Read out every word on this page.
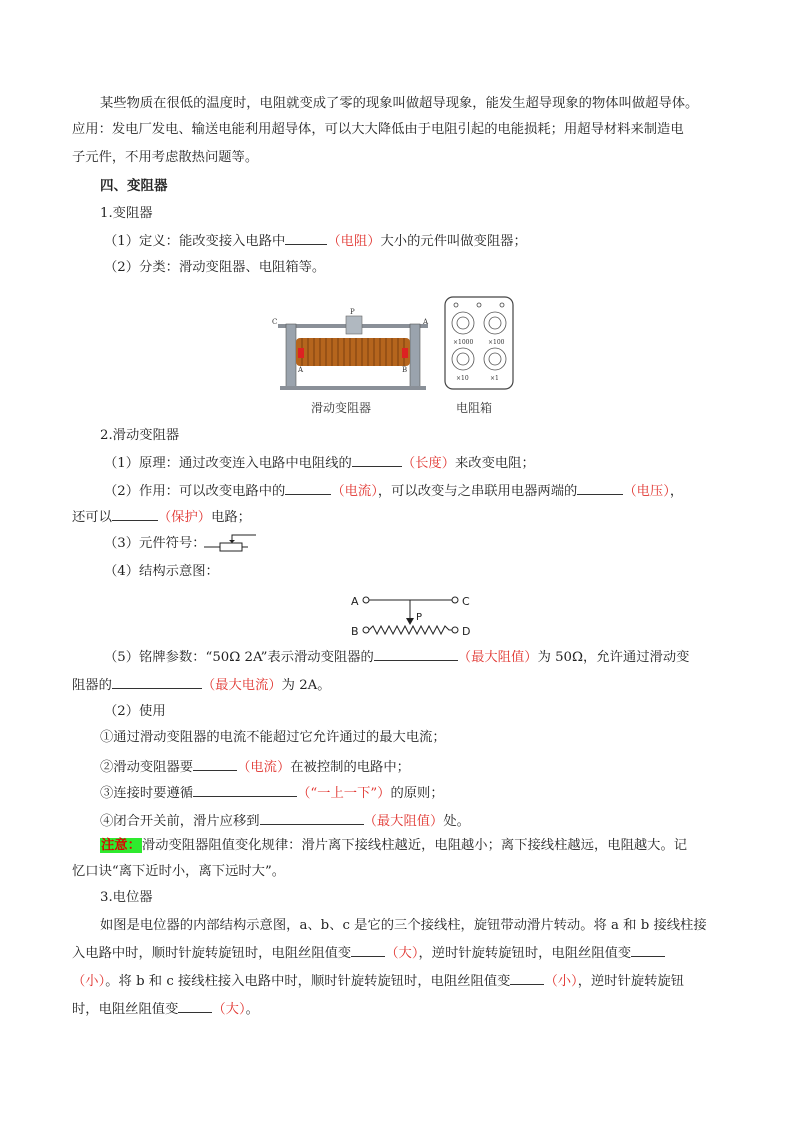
某些物质在很低的温度时，电阻就变成了零的现象叫做超导现象，能发生超导现象的物体叫做超导体。
应用：发电厂发电、输送电能利用超导体，可以大大降低由于电阻引起的电能损耗；用超导材料来制造电
子元件，不用考虑散热问题等。
四、变阻器
1.变阻器
（1）定义：能改变接入电路中	（电阻）大小的元件叫做变阻器；
（2）分类：滑动变阻器、电阻箱等。
C	A
P
A	B
滑动变阻器
×1000 ×100
×10	×1
电阻箱
2.滑动变阻器
（1）原理：通过改变连入电路中电阻线的	（长度）来改变电阻；
（2）作用：可以改变电路中的	（电流），可以改变与之串联用电器两端的	（电压），
还可以	（保护）电路；
（3）元件符号：
（4）结构示意图：
A	C
P
B	D
（5）铭牌参数：“50Ω 2A”表示滑动变阻器的	（最大阻值）为 50Ω，允许通过滑动变
阻器的	（最大电流）为 2A。
（2）使用
①通过滑动变阻器的电流不能超过它允许通过的最大电流；
②滑动变阻器要	（电流）在被控制的电路中；
③连接时要遵循	（“一上一下”）的原则；
④闭合开关前，滑片应移到	（最大阻值）处。
注意：滑动变阻器阻值变化规律：滑片离下接线柱越近，电阻越小；离下接线柱越远，电阻越大。记
忆口诀“离下近时小，离下远时大”。
3.电位器
如图是电位器的内部结构示意图，a、b、c 是它的三个接线柱，旋钮带动滑片转动。将 a 和 b 接线柱接
入电路中时，顺时针旋转旋钮时，电阻丝阻值变	（大），逆时针旋转旋钮时，电阻丝阻值变
（小）。将 b 和 c 接线柱接入电路中时，顺时针旋转旋钮时，电阻丝阻值变	（小），逆时针旋转旋钮
时，电阻丝阻值变	（大）。
